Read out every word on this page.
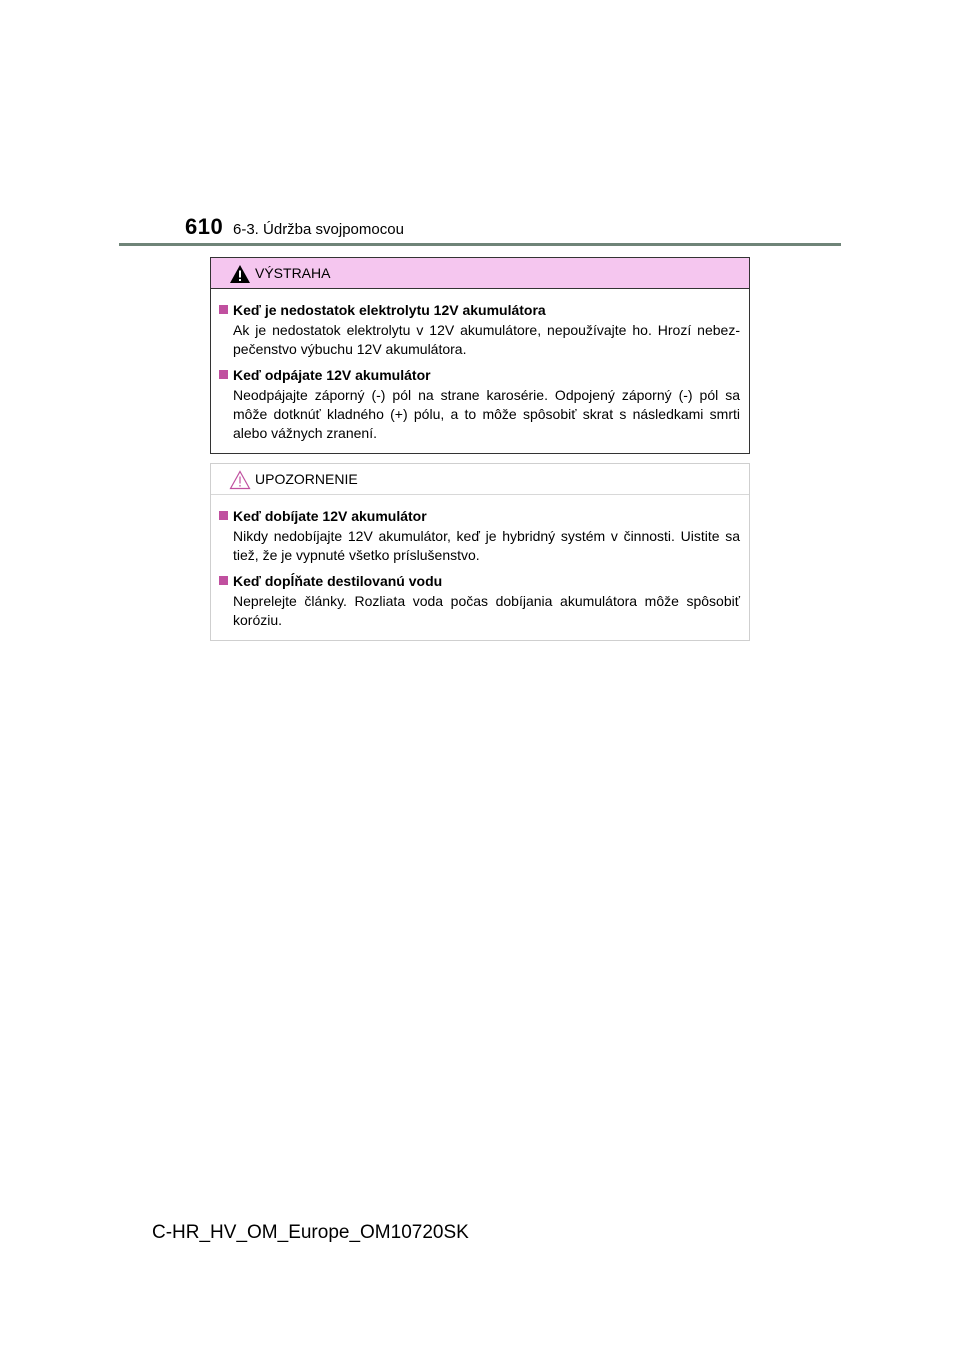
610 6-3. Údržba svojpomocou
VÝSTRAHA
Keď je nedostatok elektrolytu 12V akumulátora
Ak je nedostatok elektrolytu v 12V akumulátore, nepoužívajte ho. Hrozí nebez-pečenstvo výbuchu 12V akumulátora.
Keď odpájate 12V akumulátor
Neodpájajte záporný (-) pól na strane karosérie. Odpojený záporný (-) pól sa môže dotknúť kladného (+) pólu, a to môže spôsobiť skrat s následkami smrti alebo vážnych zranení.
UPOZORNENIE
Keď dobíjate 12V akumulátor
Nikdy nedobíjajte 12V akumulátor, keď je hybridný systém v činnosti. Uistite sa tiež, že je vypnuté všetko príslušenstvo.
Keď dopĺňate destilovanú vodu
Neprelejte články. Rozliata voda počas dobíjania akumulátora môže spôsobiť koróziu.
C-HR_HV_OM_Europe_OM10720SK
